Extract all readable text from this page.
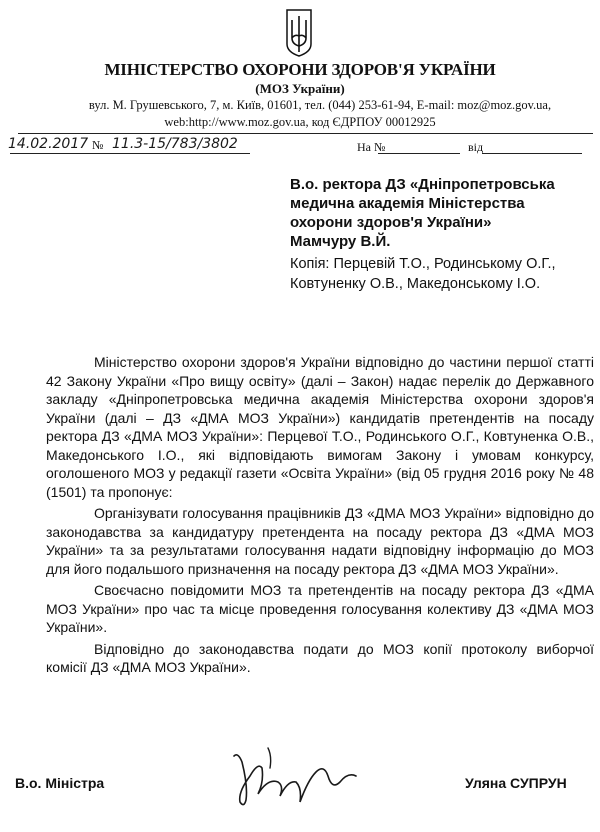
МІНІСТЕРСТВО ОХОРОНИ ЗДОРОВ'Я УКРАЇНИ
(МОЗ України)
вул. М. Грушевського, 7, м. Київ, 01601, тел. (044) 253-61-94, E-mail: moz@moz.gov.ua,
web:http://www.moz.gov.ua, код ЄДРПОУ 00012925
14.02.2017 № 11.3-15/783/3802	На №	від
В.о. ректора ДЗ «Дніпропетровська
медична академія Міністерства
охорони здоров'я України»
Мамчуру В.Й.
Копія: Перцевій Т.О., Родинському О.Г.,
Ковтуненку О.В., Македонському І.О.

Міністерство охорони здоров'я України відповідно до частини першої статті 42 Закону України «Про вищу освіту» (далі – Закон) надає перелік до Державного закладу «Дніпропетровська медична академія Міністерства охорони здоров'я України (далі – ДЗ «ДМА МОЗ України») кандидатів претендентів на посаду ректора ДЗ «ДМА МОЗ України»: Перцевої Т.О., Родинського О.Г., Ковтуненка О.В., Македонського І.О., які відповідають вимогам Закону і умовам конкурсу, оголошеного МОЗ у редакції газети «Освіта України» (від 05 грудня 2016 року № 48 (1501) та пропонує:

Організувати голосування працівників ДЗ «ДМА МОЗ України» відповідно до законодавства за кандидатуру претендента на посаду ректора ДЗ «ДМА МОЗ України» та за результатами голосування надати відповідну інформацію до МОЗ для його подальшого призначення на посаду ректора ДЗ «ДМА МОЗ України».

Своєчасно повідомити МОЗ та претендентів на посаду ректора ДЗ «ДМА МОЗ України» про час та місце проведення голосування колективу ДЗ «ДМА МОЗ України».

Відповідно до законодавства подати до МОЗ копії протоколу виборчої комісії ДЗ «ДМА МОЗ України».

В.о. Міністра	Уляна СУПРУН
